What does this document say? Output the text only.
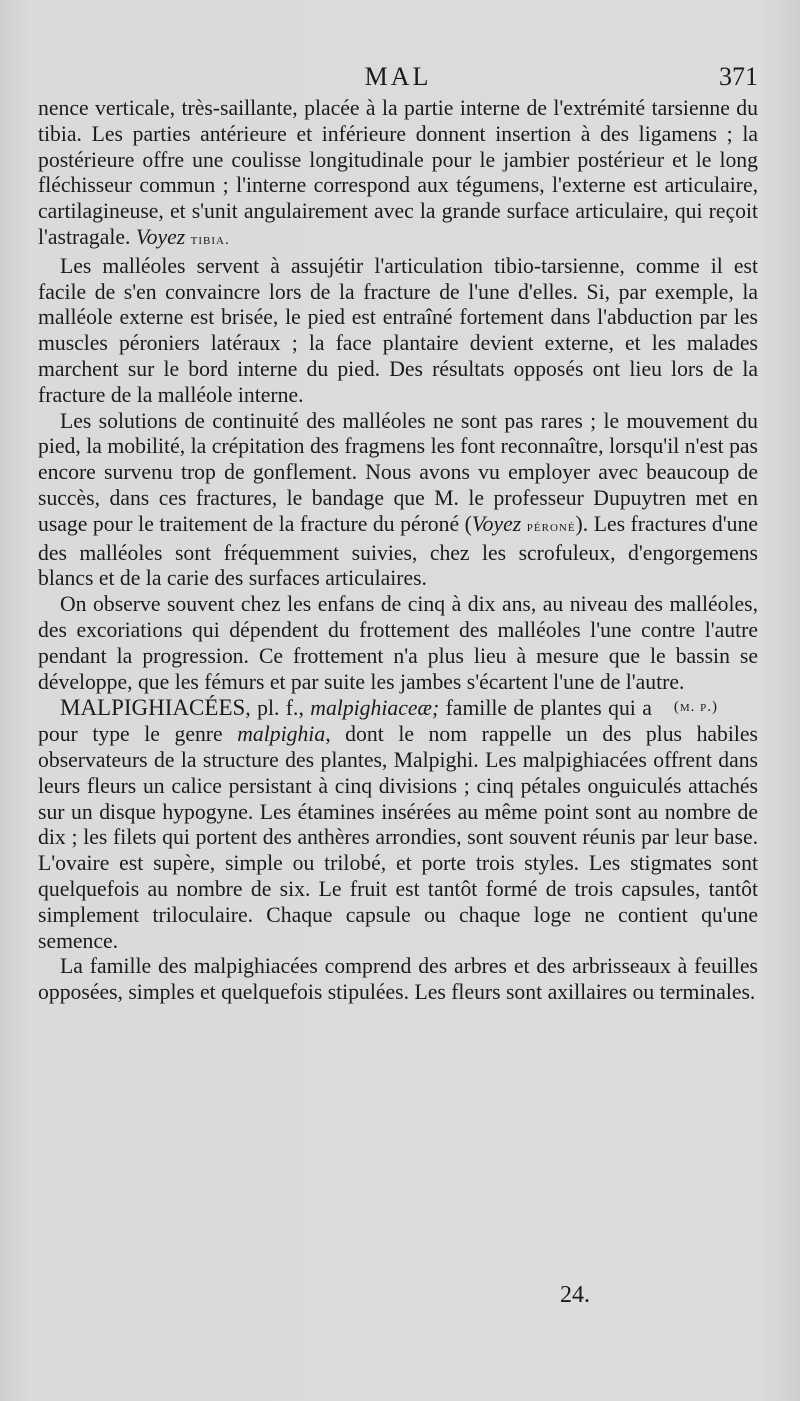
MAL	371

nence verticale, très-saillante, placée à la partie interne de l'extrémité tarsienne du tibia. Les parties antérieure et inférieure donnent insertion à des ligamens ; la postérieure offre une coulisse longitudinale pour le jambier postérieur et le long fléchisseur commun ; l'interne correspond aux tégumens, l'externe est articulaire, cartilagineuse, et s'unit angulairement avec la grande surface articulaire, qui reçoit l'astragale. Voyez tibia.

Les malléoles servent à assujétir l'articulation tibio-tarsienne, comme il est facile de s'en convaincre lors de la fracture de l'une d'elles. Si, par exemple, la malléole externe est brisée, le pied est entraîné fortement dans l'abduction par les muscles péroniers latéraux ; la face plantaire devient externe, et les malades marchent sur le bord interne du pied. Des résultats opposés ont lieu lors de la fracture de la malléole interne.

Les solutions de continuité des malléoles ne sont pas rares ; le mouvement du pied, la mobilité, la crépitation des fragmens les font reconnaître, lorsqu'il n'est pas encore survenu trop de gonflement. Nous avons vu employer avec beaucoup de succès, dans ces fractures, le bandage que M. le professeur Dupuytren met en usage pour le traitement de la fracture du péroné (Voyez péroné). Les fractures d'une des malléoles sont fréquemment suivies, chez les scrofuleux, d'engorgemens blancs et de la carie des surfaces articulaires.

On observe souvent chez les enfans de cinq à dix ans, au niveau des malléoles, des excoriations qui dépendent du frottement des malléoles l'une contre l'autre pendant la progression. Ce frottement n'a plus lieu à mesure que le bassin se développe, que les fémurs et par suite les jambes s'écartent l'une de l'autre.
(m. p.)

MALPIGHIACÉES, pl. f., malpighiaceæ; famille de plantes qui a pour type le genre malpighia, dont le nom rappelle un des plus habiles observateurs de la structure des plantes, Malpighi. Les malpighiacées offrent dans leurs fleurs un calice persistant à cinq divisions ; cinq pétales onguiculés attachés sur un disque hypogyne. Les étamines insérées au même point sont au nombre de dix ; les filets qui portent des anthères arrondies, sont souvent réunis par leur base. L'ovaire est supère, simple ou trilobé, et porte trois styles. Les stigmates sont quelquefois au nombre de six. Le fruit est tantôt formé de trois capsules, tantôt simplement triloculaire. Chaque capsule ou chaque loge ne contient qu'une semence.

La famille des malpighiacées comprend des arbres et des arbrisseaux à feuilles opposées, simples et quelquefois stipulées. Les fleurs sont axillaires ou terminales.

24.
